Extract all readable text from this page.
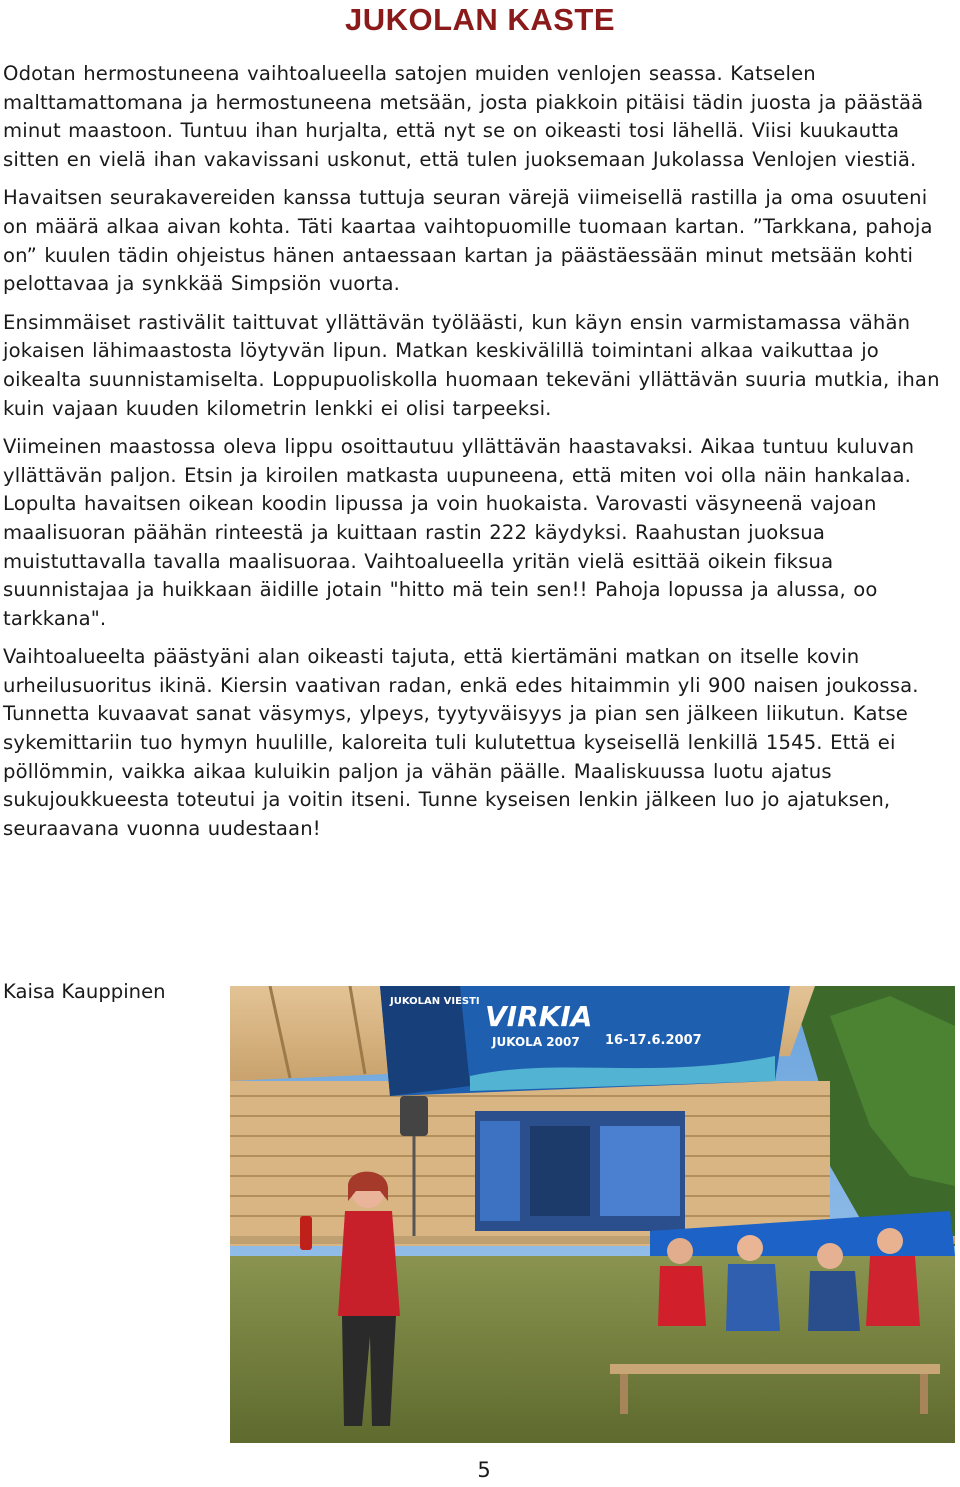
JUKOLAN KASTE

Odotan hermostuneena vaihtoalueella satojen muiden venlojen seassa. Katselen malttamattomana ja hermostuneena metsään, josta piakkoin pitäisi tädin juosta ja päästää minut maastoon. Tuntuu ihan hurjalta, että nyt se on oikeasti tosi lähellä. Viisi kuukautta sitten en vielä ihan vakavissani uskonut, että tulen juoksemaan Jukolassa Venlojen viestiä.

Havaitsen seurakavereiden kanssa tuttuja seuran värejä viimeisellä rastilla ja oma osuuteni on määrä alkaa aivan kohta. Täti kaartaa vaihtopuomille tuomaan kartan. ”Tarkkana, pahoja on” kuulen tädin ohjeistus hänen antaessaan kartan ja päästäessään minut metsään kohti pelottavaa ja synkkää Simpsiön vuorta.

Ensimmäiset rastivälit taittuvat yllättävän työläästi, kun käyn ensin varmistamassa vähän jokaisen lähimaastosta löytyvän lipun. Matkan keskivälillä toimintani alkaa vaikuttaa jo oikealta suunnistamiselta. Loppupuoliskolla huomaan tekeväni yllättävän suuria mutkia, ihan kuin vajaan kuuden kilometrin lenkki ei olisi tarpeeksi.

Viimeinen maastossa oleva lippu osoittautuu yllättävän haastavaksi. Aikaa tuntuu kuluvan yllättävän paljon. Etsin ja kiroilen matkasta uupuneena, että miten voi olla näin hankalaa. Lopulta havaitsen oikean koodin lipussa ja voin huokaista. Varovasti väsyneenä vajoan maalisuoran päähän rinteestä ja kuittaan rastin 222 käydyksi. Raahustan juoksua muistuttavalla tavalla maalisuoraa. Vaihtoalueella yritän vielä esittää oikein fiksua suunnistajaa ja huikkaan äidille jotain "hitto mä tein sen!! Pahoja lopussa ja alussa, oo tarkkana".

Vaihtoalueelta päästyäni alan oikeasti tajuta, että kiertämäni matkan on itselle kovin urheilusuoritus ikinä. Kiersin vaativan radan, enkä edes hitaimmin yli 900 naisen joukossa. Tunnetta kuvaavat sanat väsymys, ylpeys, tyytyväisyys ja pian sen jälkeen liikutun. Katse sykemittariin tuo hymyn huulille, kaloreita tuli kulutettua kyseisellä lenkillä 1545. Että ei pöllömmin, vaikka aikaa kuluikin paljon ja vähän päälle. Maaliskuussa luotu ajatus sukujoukkueesta toteutui ja voitin itseni. Tunne kyseisen lenkin jälkeen luo jo ajatuksen, seuraavana vuonna uudestaan!

Kaisa Kauppinen	JUKOLAN VIESTI VIRKIA
JUKOLA 2007 16-17.6.2007

5
